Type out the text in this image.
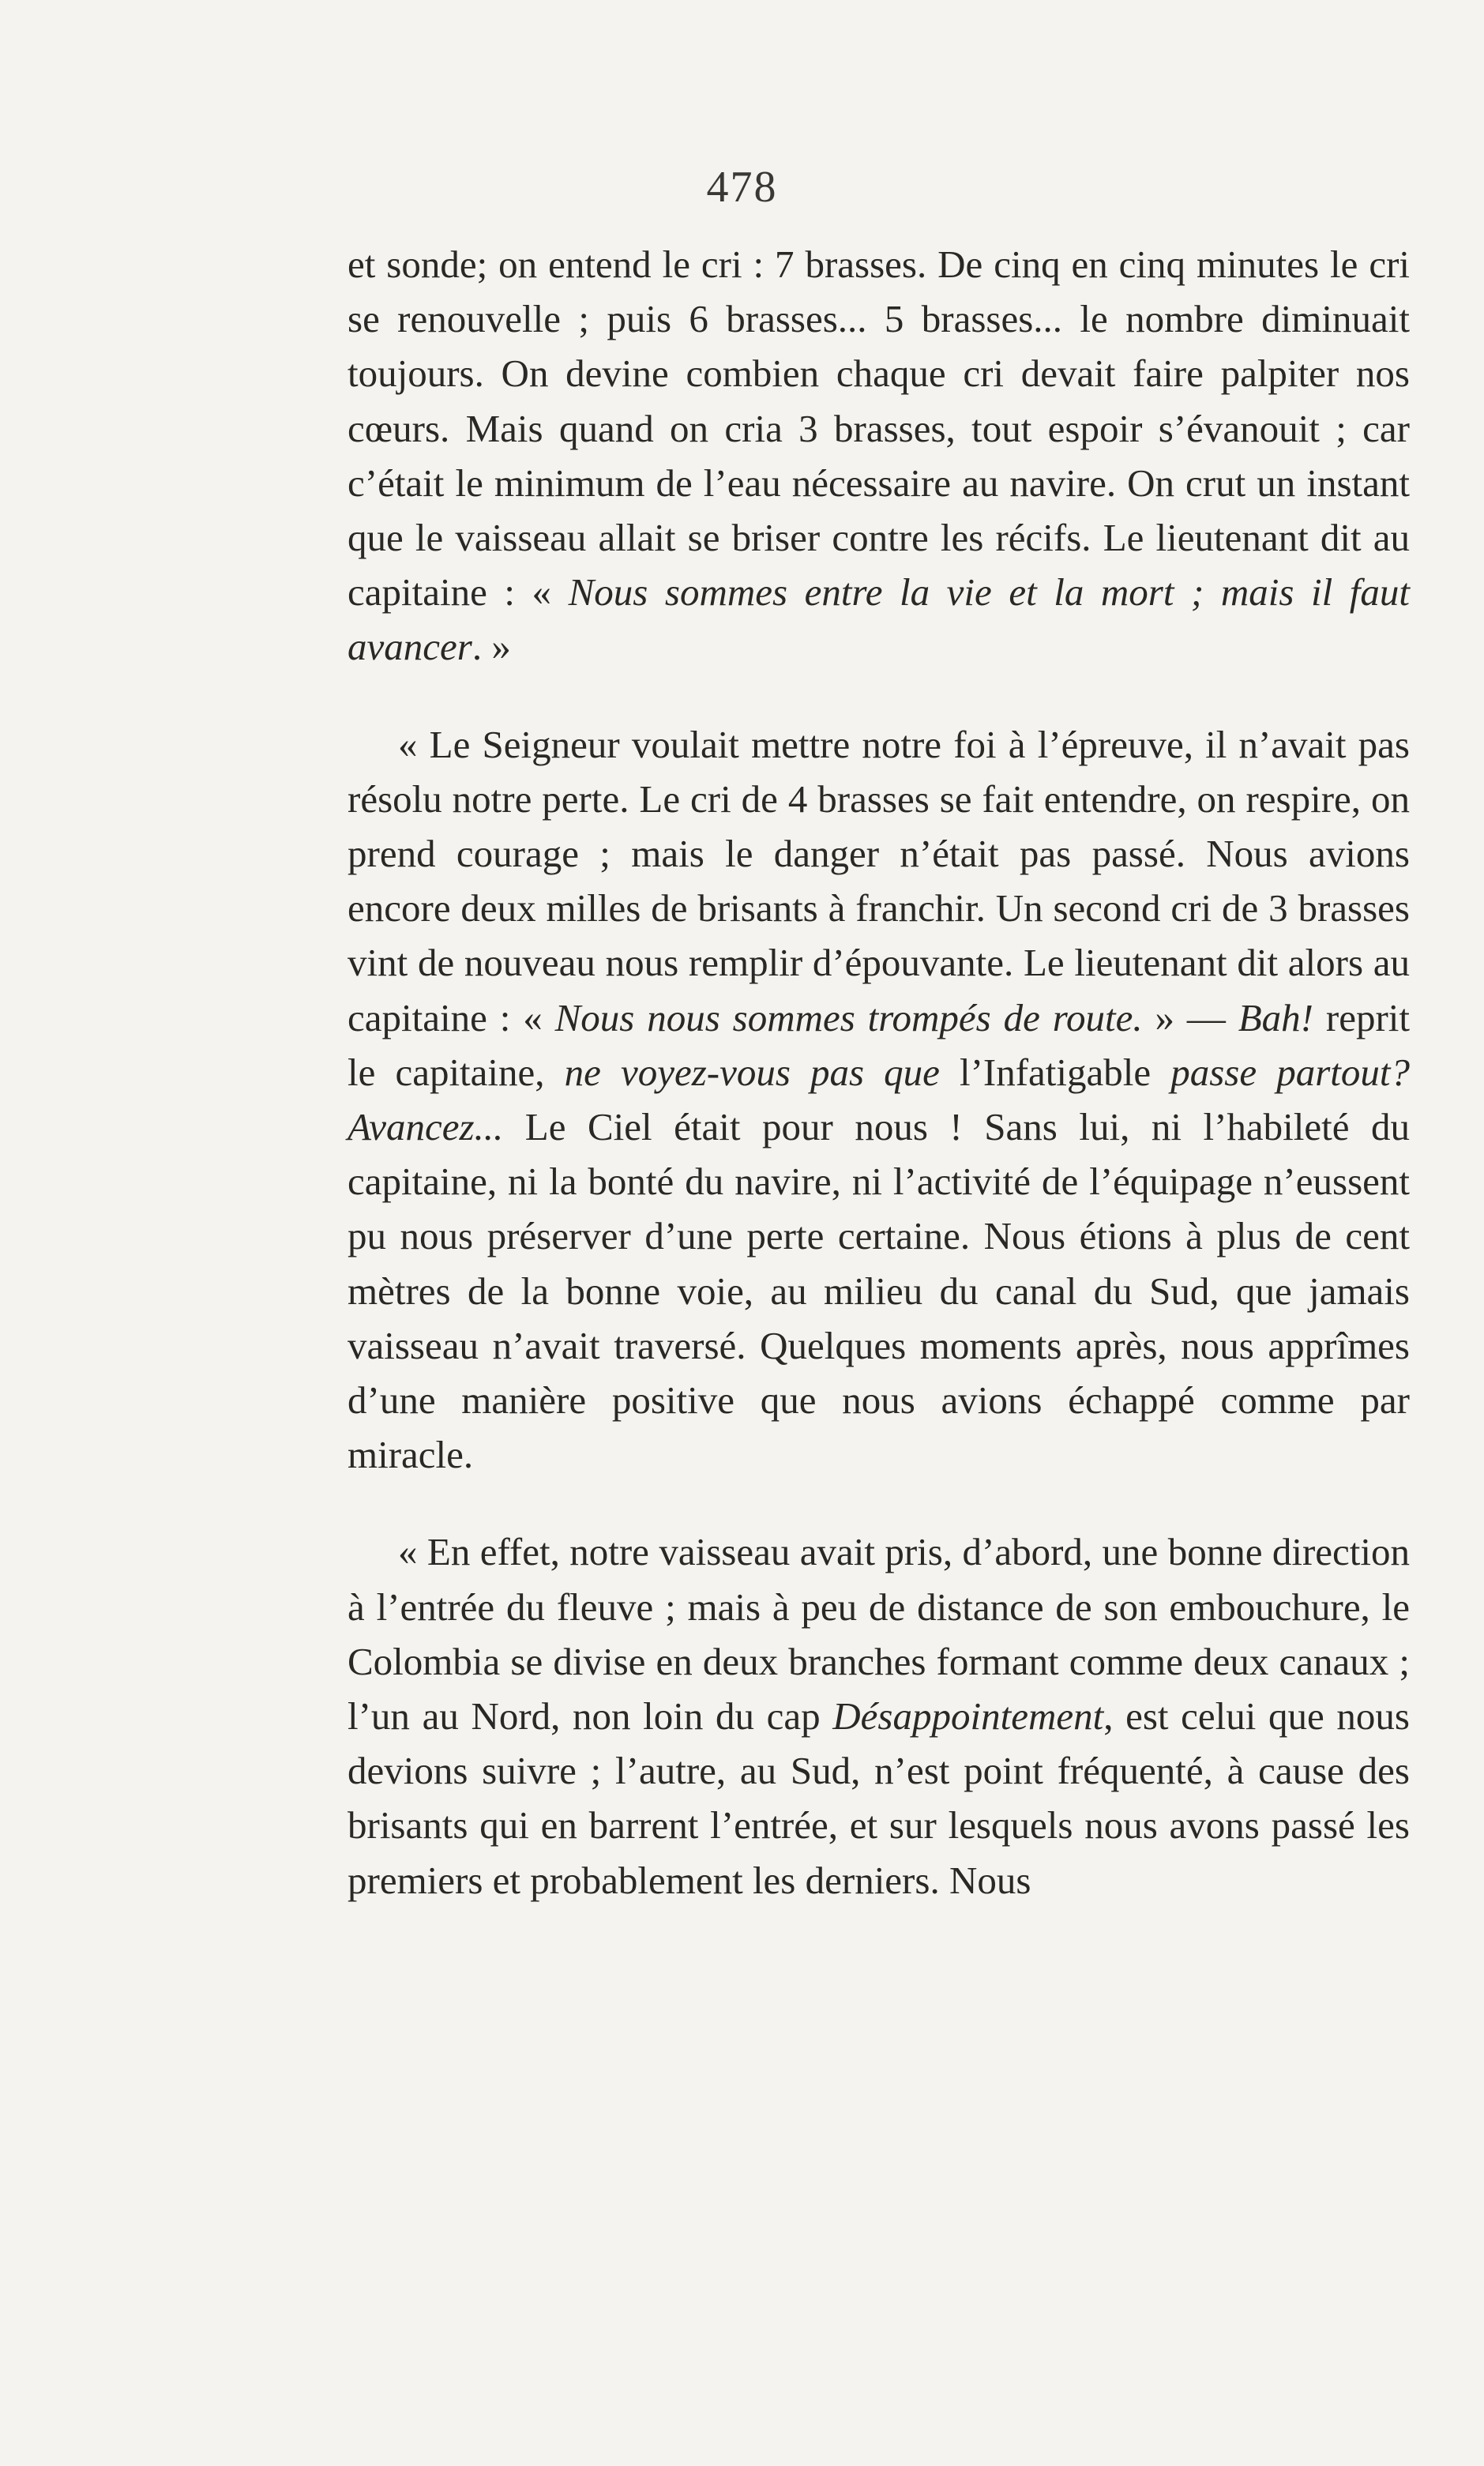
478

et sonde; on entend le cri : 7 brasses. De cinq en cinq minutes le cri se renouvelle ; puis 6 brasses... 5 brasses... le nombre diminuait toujours. On devine combien chaque cri devait faire palpiter nos cœurs. Mais quand on cria 3 brasses, tout espoir s’évanouit ; car c’était le minimum de l’eau nécessaire au navire. On crut un instant que le vaisseau allait se briser contre les récifs. Le lieutenant dit au capitaine : « Nous sommes entre la vie et la mort ; mais il faut avancer. »

« Le Seigneur voulait mettre notre foi à l’épreuve, il n’avait pas résolu notre perte. Le cri de 4 brasses se fait entendre, on respire, on prend courage ; mais le danger n’était pas passé. Nous avions encore deux milles de brisants à franchir. Un second cri de 3 brasses vint de nouveau nous remplir d’épouvante. Le lieutenant dit alors au capitaine : « Nous nous sommes trompés de route. » — Bah! reprit le capitaine, ne voyez-vous pas que l’Infatigable passe partout? Avancez... Le Ciel était pour nous ! Sans lui, ni l’habileté du capitaine, ni la bonté du navire, ni l’activité de l’équipage n’eussent pu nous préserver d’une perte certaine. Nous étions à plus de cent mètres de la bonne voie, au milieu du canal du Sud, que jamais vaisseau n’avait traversé. Quelques moments après, nous apprîmes d’une manière positive que nous avions échappé comme par miracle.

« En effet, notre vaisseau avait pris, d’abord, une bonne direction à l’entrée du fleuve ; mais à peu de distance de son embouchure, le Colombia se divise en deux branches formant comme deux canaux ; l’un au Nord, non loin du cap Désappointement, est celui que nous devions suivre ; l’autre, au Sud, n’est point fréquenté, à cause des brisants qui en barrent l’entrée, et sur lesquels nous avons passé les premiers et probablement les derniers. Nous
